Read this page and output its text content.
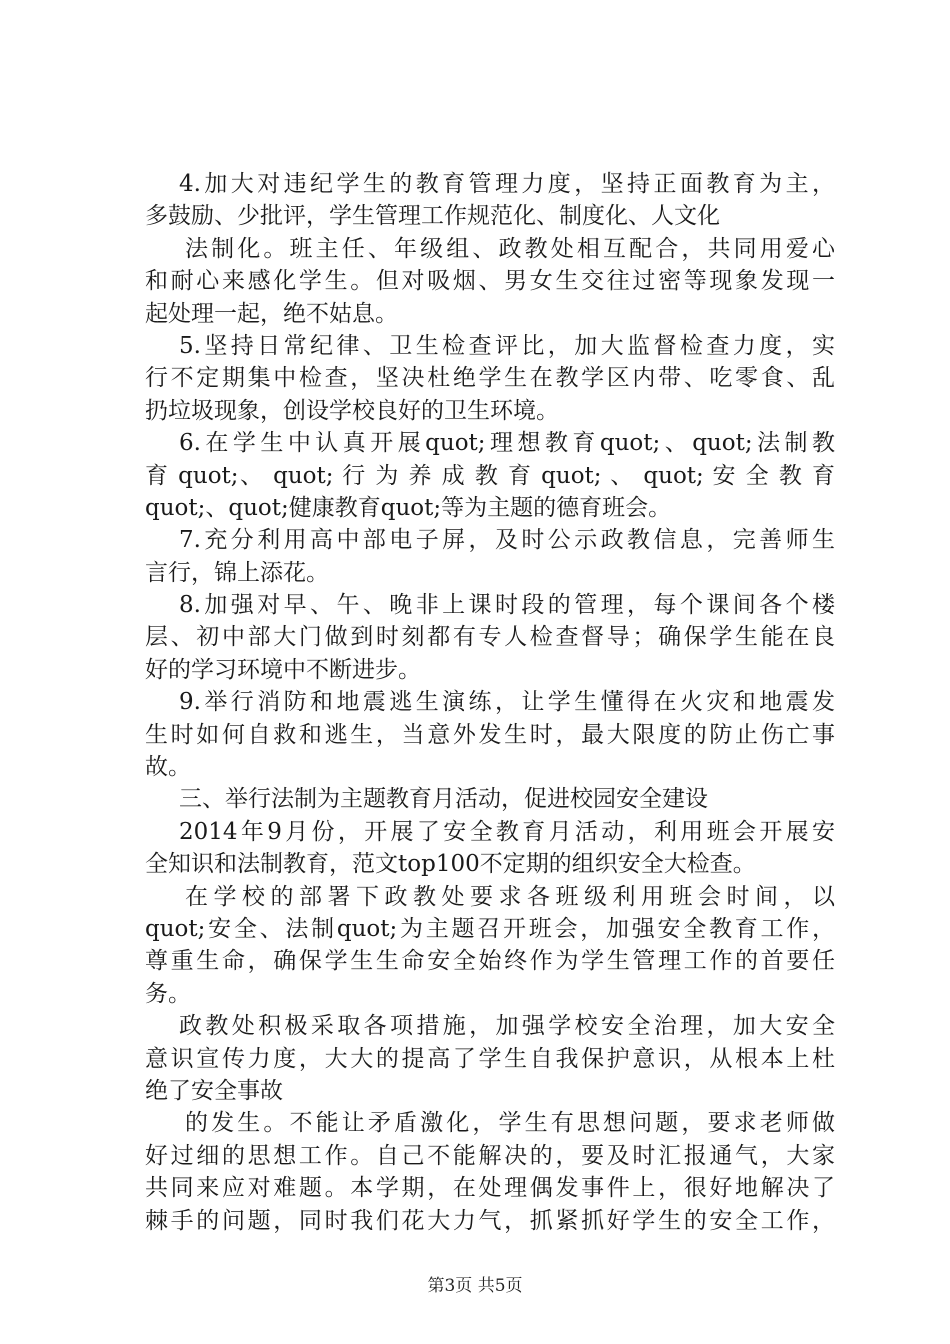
4.加大对违纪学生的教育管理力度，坚持正面教育为主，
多鼓励、少批评，学生管理工作规范化、制度化、人文化
法制化。班主任、年级组、政教处相互配合，共同用爱心
和耐心来感化学生。但对吸烟、男女生交往过密等现象发现一
起处理一起，绝不姑息。
5.坚持日常纪律、卫生检查评比，加大监督检查力度，实
行不定期集中检查，坚决杜绝学生在教学区内带、吃零食、乱
扔垃圾现象，创设学校良好的卫生环境。
6.在学生中认真开展quot;理想教育quot;、quot;法制教
育 quot;、 quot; 行 为 养 成 教 育 quot; 、 quot; 安 全 教 育
quot;、quot;健康教育quot;等为主题的德育班会。
7.充分利用高中部电子屏，及时公示政教信息，完善师生
言行，锦上添花。
8.加强对早、午、晚非上课时段的管理，每个课间各个楼
层、初中部大门做到时刻都有专人检查督导；确保学生能在良
好的学习环境中不断进步。
9.举行消防和地震逃生演练，让学生懂得在火灾和地震发
生时如何自救和逃生，当意外发生时，最大限度的防止伤亡事
故。
三、举行法制为主题教育月活动，促进校园安全建设
2014年9月份，开展了安全教育月活动，利用班会开展安
全知识和法制教育，范文top100不定期的组织安全大检查。
在学校的部署下政教处要求各班级利用班会时间，以
quot;安全、法制quot;为主题召开班会，加强安全教育工作，
尊重生命，确保学生生命安全始终作为学生管理工作的首要任
务。
政教处积极采取各项措施，加强学校安全治理，加大安全
意识宣传力度，大大的提高了学生自我保护意识，从根本上杜
绝了安全事故
的发生。不能让矛盾激化，学生有思想问题，要求老师做
好过细的思想工作。自己不能解决的，要及时汇报通气，大家
共同来应对难题。本学期，在处理偶发事件上，很好地解决了
棘手的问题，同时我们花大力气，抓紧抓好学生的安全工作，
第3页 共5页
